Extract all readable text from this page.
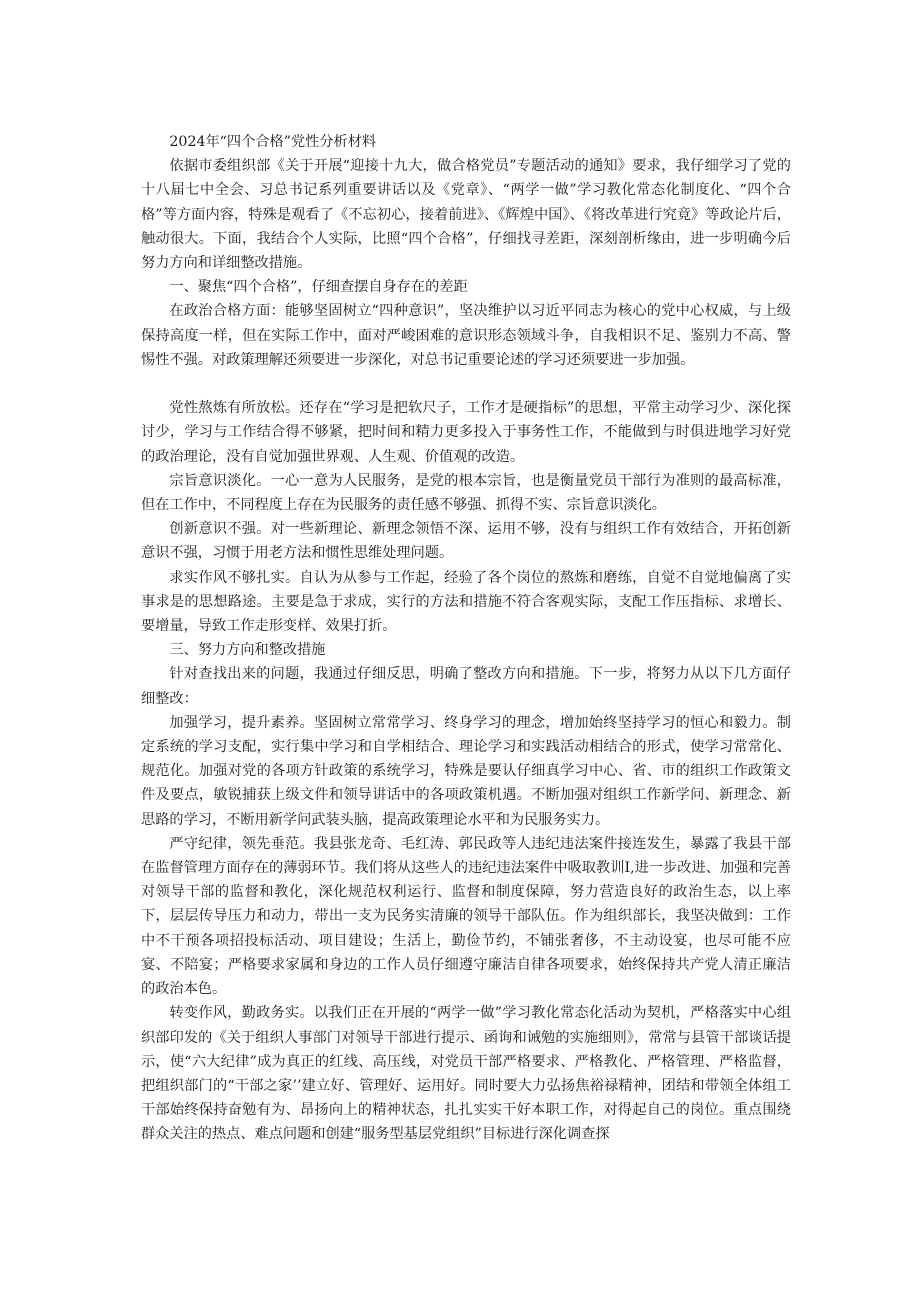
2024年“四个合格”党性分析材料

依据市委组织部《关于开展“迎接十九大，做合格党员”专题活动的通知》要求，我仔细学习了党的十八届七中全会、习总书记系列重要讲话以及《党章》、“两学一做”学习教化常态化制度化、“四个合格”等方面内容，特殊是观看了《不忘初心，接着前进》、《辉煌中国》、《将改革进行究竟》等政论片后，触动很大。下面，我结合个人实际，比照“四个合格”，仔细找寻差距，深刻剖析缘由，进一步明确今后努力方向和详细整改措施。

一、聚焦“四个合格”，仔细查摆自身存在的差距

在政治合格方面：能够坚固树立“四种意识”，坚决维护以习近平同志为核心的党中心权威，与上级保持高度一样，但在实际工作中，面对严峻困难的意识形态领域斗争，自我相识不足、鉴别力不高、警惕性不强。对政策理解还须要进一步深化，对总书记重要论述的学习还须要进一步加强。

党性熬炼有所放松。还存在“学习是把软尺子，工作才是硬指标”的思想，平常主动学习少、深化探讨少，学习与工作结合得不够紧，把时间和精力更多投入于事务性工作，不能做到与时俱进地学习好党的政治理论，没有自觉加强世界观、人生观、价值观的改造。

宗旨意识淡化。一心一意为人民服务，是党的根本宗旨，也是衡量党员干部行为准则的最高标准，但在工作中，不同程度上存在为民服务的责任感不够强、抓得不实、宗旨意识淡化。

创新意识不强。对一些新理论、新理念领悟不深、运用不够，没有与组织工作有效结合，开拓创新意识不强，习惯于用老方法和惯性思维处理问题。

求实作风不够扎实。自认为从参与工作起，经验了各个岗位的熬炼和磨练，自觉不自觉地偏离了实事求是的思想路途。主要是急于求成，实行的方法和措施不符合客观实际，支配工作压指标、求增长、要增量，导致工作走形变样、效果打折。

三、努力方向和整改措施

针对查找出来的问题，我通过仔细反思，明确了整改方向和措施。下一步，将努力从以下几方面仔细整改：

加强学习，提升素养。坚固树立常常学习、终身学习的理念，增加始终坚持学习的恒心和毅力。制定系统的学习支配，实行集中学习和自学相结合、理论学习和实践活动相结合的形式，使学习常常化、规范化。加强对党的各项方针政策的系统学习，特殊是要认仔细真学习中心、省、市的组织工作政策文件及要点，敏锐捕获上级文件和领导讲话中的各项政策机遇。不断加强对组织工作新学问、新理念、新思路的学习，不断用新学问武装头脑，提高政策理论水平和为民服务实力。

严守纪律，领先垂范。我县张龙奇、毛红涛、郭民政等人违纪违法案件接连发生，暴露了我县干部在监督管理方面存在的薄弱环节。我们将从这些人的违纪违法案件中吸取教训I,进一步改进、加强和完善对领导干部的监督和教化，深化规范权利运行、监督和制度保障，努力营造良好的政治生态，以上率下，层层传导压力和动力，带出一支为民务实清廉的领导干部队伍。作为组织部长，我坚决做到：工作中不干预各项招投标活动、项目建设；生活上，勤俭节约，不铺张奢侈，不主动设宴，也尽可能不应宴、不陪宴；严格要求家属和身边的工作人员仔细遵守廉洁自律各项要求，始终保持共产党人清正廉洁的政治本色。

转变作风，勤政务实。以我们正在开展的“两学一做”学习教化常态化活动为契机，严格落实中心组织部印发的《关于组织人事部门对领导干部进行提示、函询和诫勉的实施细则》，常常与县管干部谈话提示，使“六大纪律”成为真正的红线、高压线，对党员干部严格要求、严格教化、严格管理、严格监督，把组织部门的“干部之家’’建立好、管理好、运用好。同时要大力弘扬焦裕禄精神，团结和带领全体组工干部始终保持奋勉有为、昂扬向上的精神状态，扎扎实实干好本职工作，对得起自己的岗位。重点围绕群众关注的热点、难点问题和创建“服务型基层党组织”目标进行深化调查探
